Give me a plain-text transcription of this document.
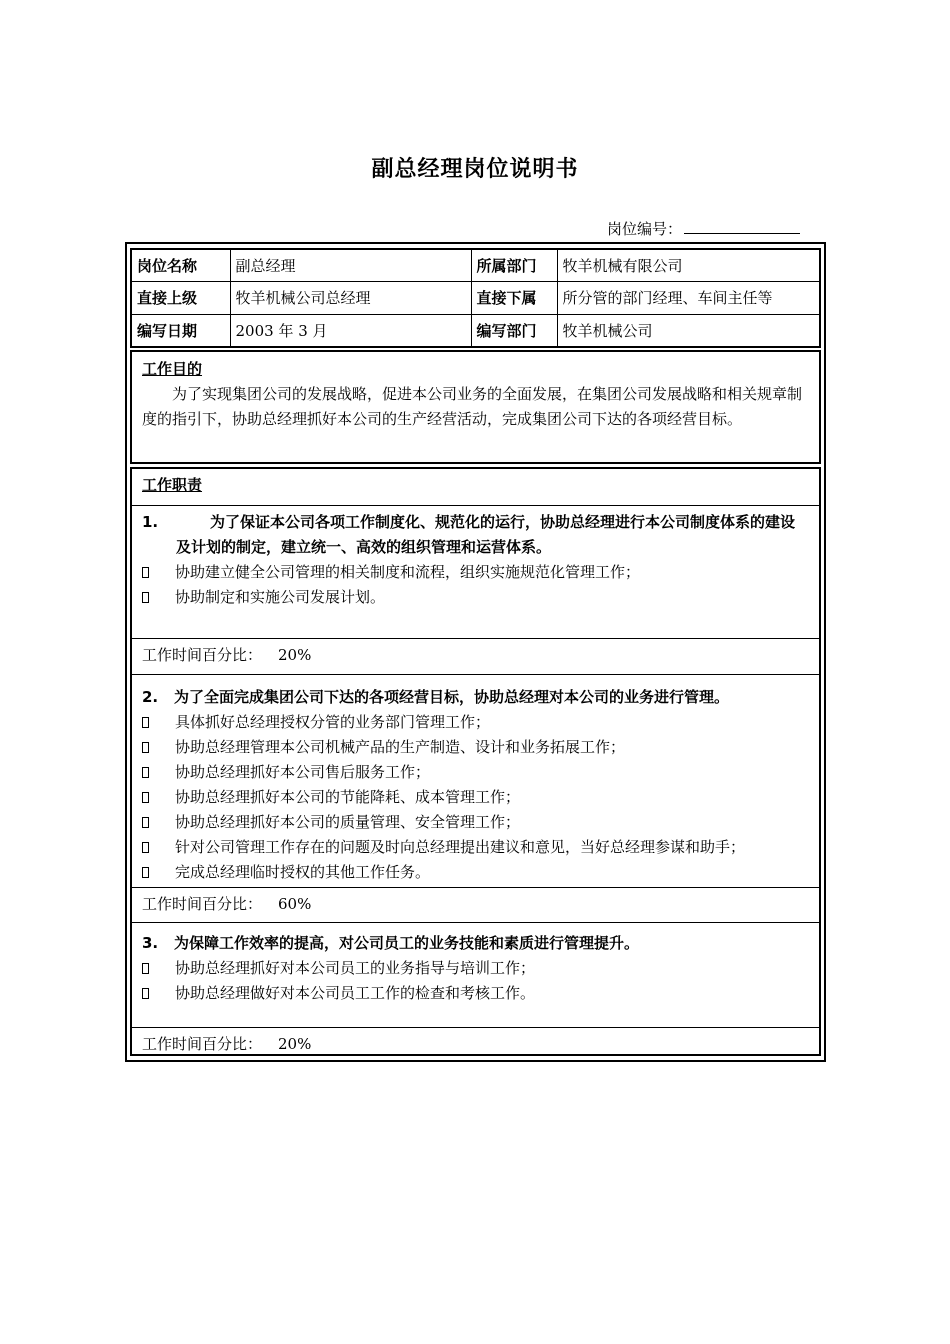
副总经理岗位说明书
岗位编号：
岗位名称	副总经理	所属部门	牧羊机械有限公司
直接上级	牧羊机械公司总经理	直接下属	所分管的部门经理、车间主任等
编写日期	2003 年 3 月	编写部门	牧羊机械公司
工作目的
为了实现集团公司的发展战略，促进本公司业务的全面发展，在集团公司发展战略和相关规章制度的指引下，协助总经理抓好本公司的生产经营活动，完成集团公司下达的各项经营目标。
工作职责
1.	为了保证本公司各项工作制度化、规范化的运行，协助总经理进行本公司制度体系的建设及计划的制定，建立统一、高效的组织管理和运营体系。
协助建立健全公司管理的相关制度和流程，组织实施规范化管理工作；
协助制定和实施公司发展计划。
工作时间百分比： 20%
2. 为了全面完成集团公司下达的各项经营目标，协助总经理对本公司的业务进行管理。
具体抓好总经理授权分管的业务部门管理工作；
协助总经理管理本公司机械产品的生产制造、设计和业务拓展工作；
协助总经理抓好本公司售后服务工作；
协助总经理抓好本公司的节能降耗、成本管理工作；
协助总经理抓好本公司的质量管理、安全管理工作；
针对公司管理工作存在的问题及时向总经理提出建议和意见，当好总经理参谋和助手；
完成总经理临时授权的其他工作任务。
工作时间百分比： 60%
3. 为保障工作效率的提高，对公司员工的业务技能和素质进行管理提升。
协助总经理抓好对本公司员工的业务指导与培训工作；
协助总经理做好对本公司员工工作的检查和考核工作。
工作时间百分比： 20%
